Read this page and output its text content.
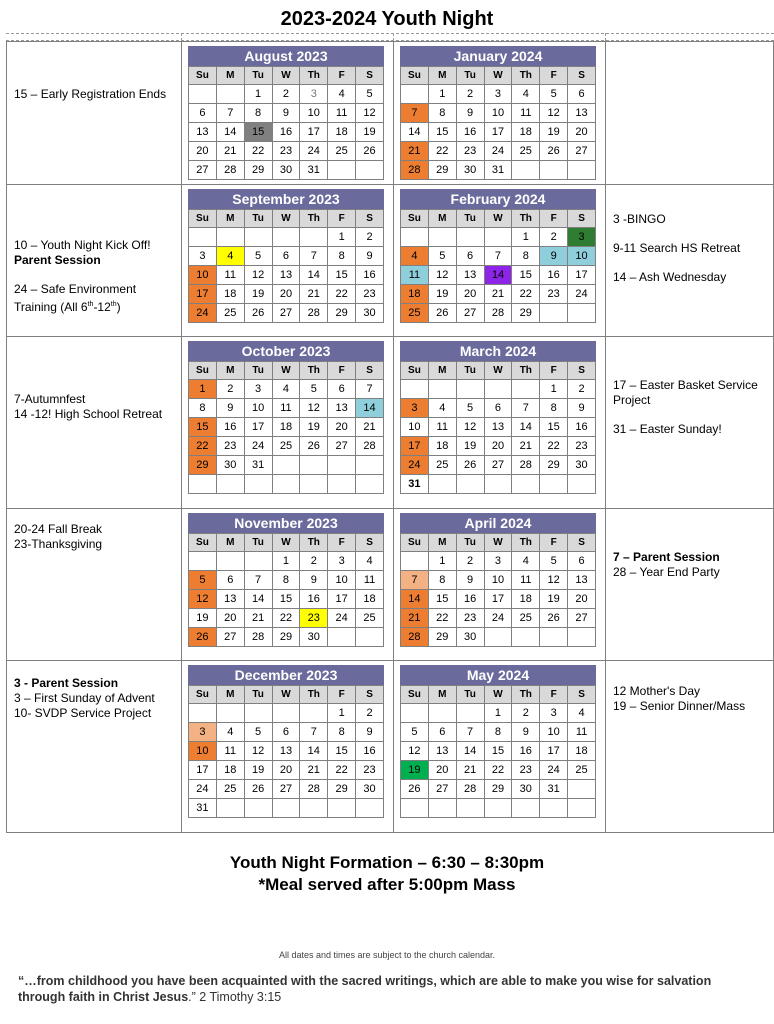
2023-2024 Youth Night
15 – Early Registration Ends
August 2023
Su	M	Tu	W	Th	F	S
		1	2	3	4	5
6	7	8	9	10	11	12
13	14	15	16	17	18	19
20	21	22	23	24	25	26
27	28	29	30	31		
January 2024
Su	M	Tu	W	Th	F	S
	1	2	3	4	5	6
7	8	9	10	11	12	13
14	15	16	17	18	19	20
21	22	23	24	25	26	27
28	29	30	31			
10 – Youth Night Kick Off!
Parent Session
24 – Safe Environment Training (All 6th-12th)
3 -BINGO
9-11 Search HS Retreat
14 – Ash Wednesday
September 2023
Su	M	Tu	W	Th	F	S
					1	2
3	4	5	6	7	8	9
10	11	12	13	14	15	16
17	18	19	20	21	22	23
24	25	26	27	28	29	30
February 2024
Su	M	Tu	W	Th	F	S
				1	2	3
4	5	6	7	8	9	10
11	12	13	14	15	16	17
18	19	20	21	22	23	24
25	26	27	28	29		
7-Autumnfest
14 -12! High School Retreat
17 – Easter Basket Service Project
31 – Easter Sunday!
October 2023
Su	M	Tu	W	Th	F	S
1	2	3	4	5	6	7
8	9	10	11	12	13	14
15	16	17	18	19	20	21
22	23	24	25	26	27	28
29	30	31				

March 2024
Su	M	Tu	W	Th	F	S
					1	2
3	4	5	6	7	8	9
10	11	12	13	14	15	16
17	18	19	20	21	22	23
24	25	26	27	28	29	30
31						
20-24 Fall Break
23-Thanksgiving
7 – Parent Session
28 – Year End Party
November 2023
Su	M	Tu	W	Th	F	S
			1	2	3	4
5	6	7	8	9	10	11
12	13	14	15	16	17	18
19	20	21	22	23	24	25
26	27	28	29	30		
April 2024
Su	M	Tu	W	Th	F	S
	1	2	3	4	5	6
7	8	9	10	11	12	13
14	15	16	17	18	19	20
21	22	23	24	25	26	27
28	29	30				
3 - Parent Session
3 – First Sunday of Advent
10- SVDP Service Project
12 Mother's Day
19 – Senior Dinner/Mass
December 2023
Su	M	Tu	W	Th	F	S
					1	2
3	4	5	6	7	8	9
10	11	12	13	14	15	16
17	18	19	20	21	22	23
24	25	26	27	28	29	30
31						
May 2024
Su	M	Tu	W	Th	F	S
			1	2	3	4
5	6	7	8	9	10	11
12	13	14	15	16	17	18
19	20	21	22	23	24	25
26	27	28	29	30	31	

Youth Night Formation – 6:30 – 8:30pm
*Meal served after 5:00pm Mass
All dates and times are subject to the church calendar.
“…from childhood you have been acquainted with the sacred writings, which are able to make you wise for salvation through faith in Christ Jesus.” 2 Timothy 3:15
